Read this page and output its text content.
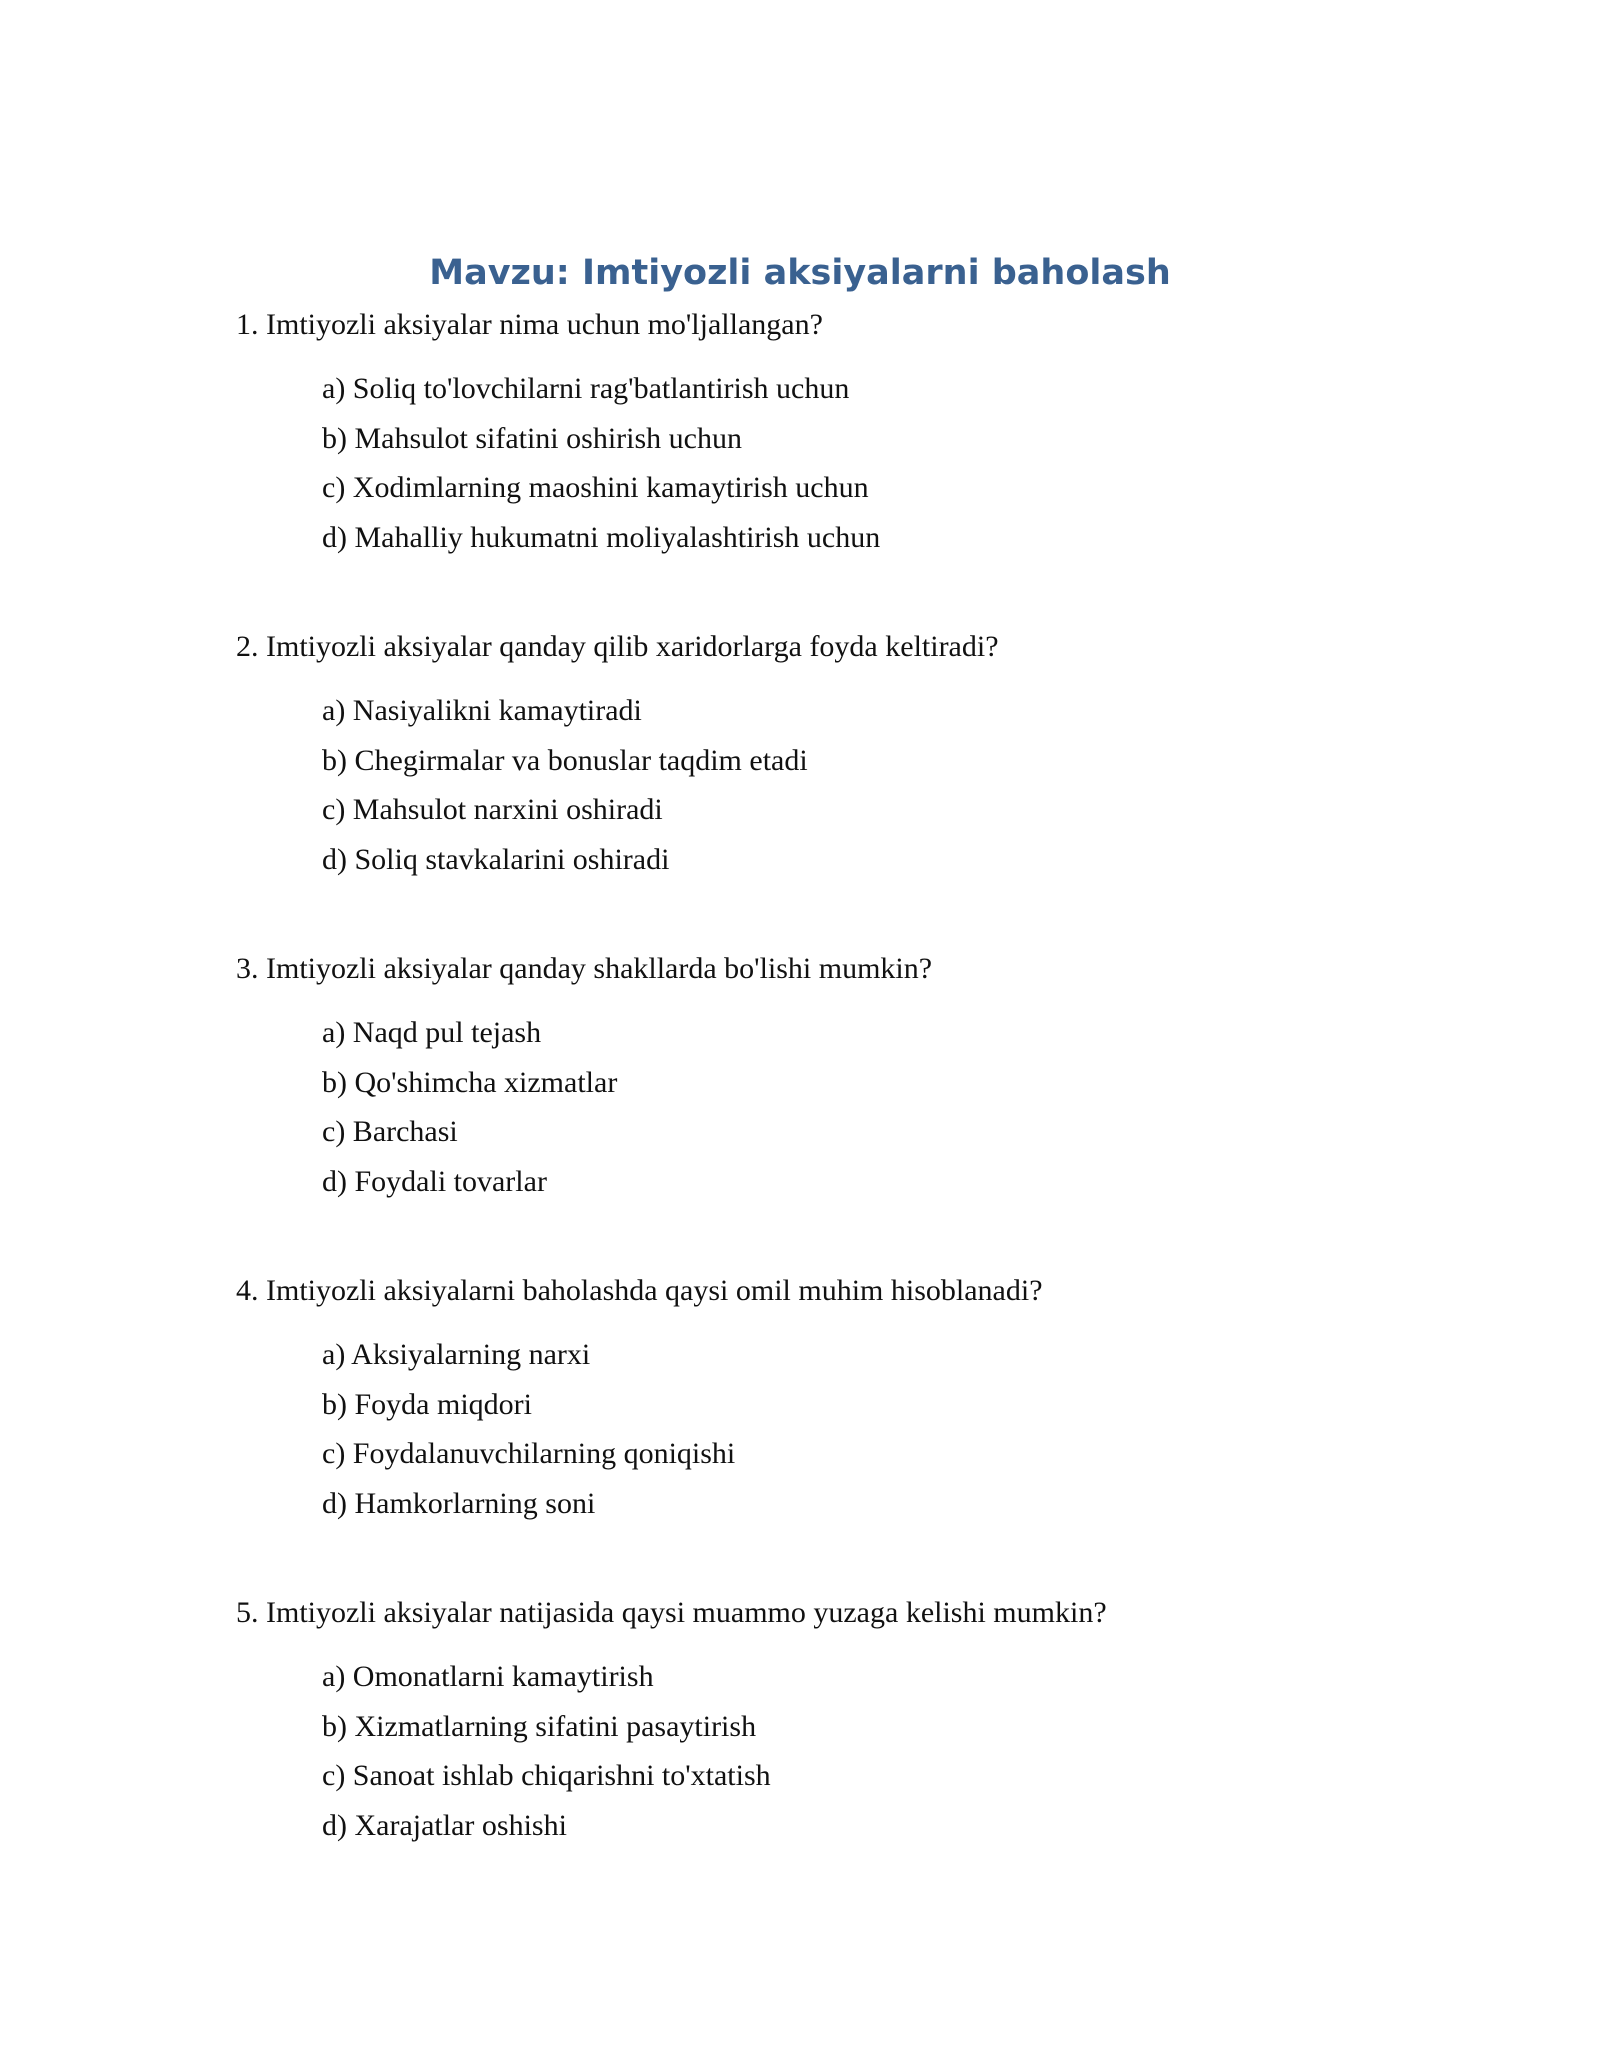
Mavzu: Imtiyozli aksiyalarni baholash

1. Imtiyozli aksiyalar nima uchun mo'ljallangan?

a) Soliq to'lovchilarni rag'batlantirish uchun
b) Mahsulot sifatini oshirish uchun
c) Xodimlarning maoshini kamaytirish uchun
d) Mahalliy hukumatni moliyalashtirish uchun

2. Imtiyozli aksiyalar qanday qilib xaridorlarga foyda keltiradi?

a) Nasiyalikni kamaytiradi
b) Chegirmalar va bonuslar taqdim etadi
c) Mahsulot narxini oshiradi
d) Soliq stavkalarini oshiradi

3. Imtiyozli aksiyalar qanday shakllarda bo'lishi mumkin?

a) Naqd pul tejash
b) Qo'shimcha xizmatlar
c) Barchasi
d) Foydali tovarlar

4. Imtiyozli aksiyalarni baholashda qaysi omil muhim hisoblanadi?

a) Aksiyalarning narxi
b) Foyda miqdori
c) Foydalanuvchilarning qoniqishi
d) Hamkorlarning soni

5. Imtiyozli aksiyalar natijasida qaysi muammo yuzaga kelishi mumkin?

a) Omonatlarni kamaytirish
b) Xizmatlarning sifatini pasaytirish
c) Sanoat ishlab chiqarishni to'xtatish
d) Xarajatlar oshishi
